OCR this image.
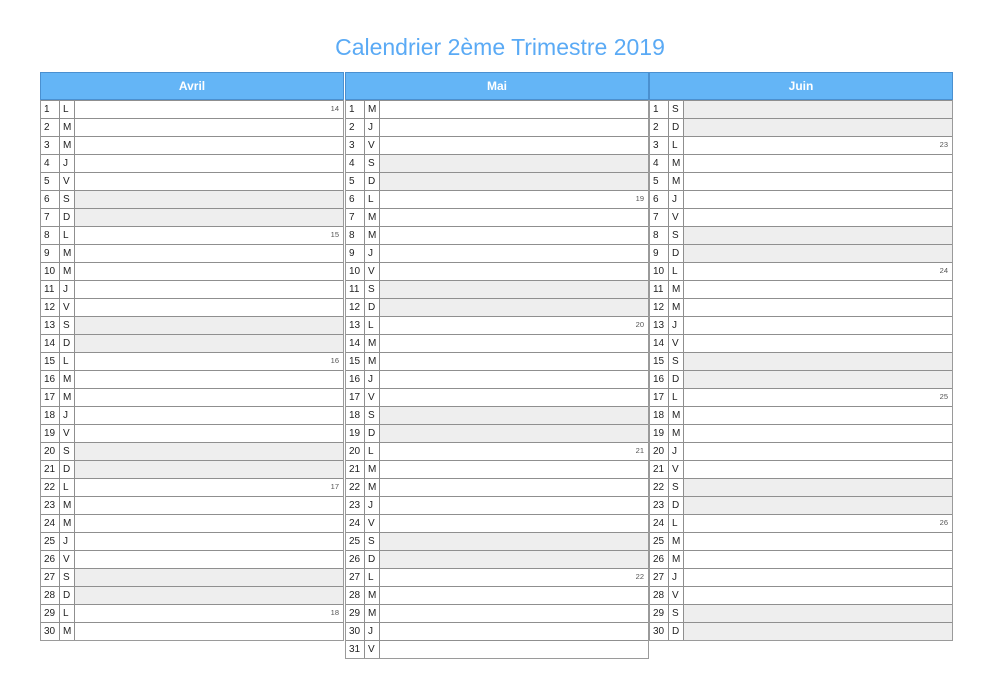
Calendrier 2ème Trimestre 2019
Avril
1	L	14
2	M
3	M
4	J
5	V
6	S
7	D
8	L	15
9	M
10 M
11 J
12 V
13 S
14 D
15 L	16
16 M
17 M
18 J
19 V
20 S
21 D
22 L	17
23 M
24 M
25 J
26 V
27 S
28 D
29 L	18
30 M
Mai
1	M
2	J
3	V
4	S
5	D
6	L	19
7	M
8	M
9	J
10 V
11 S
12 D
13 L	20
14 M
15 M
16 J
17 V
18 S
19 D
20 L	21
21 M
22 M
23 J
24 V
25 S
26 D
27 L	22
28 M
29 M
30 J
31 V
Juin
1	S
2	D
3	L	23
4	M
5	M
6	J
7	V
8	S
9	D
10 L	24
11 M
12 M
13 J
14 V
15 S
16 D
17 L	25
18 M
19 M
20 J
21 V
22 S
23 D
24 L	26
25 M
26 M
27 J
28 V
29 S
30 D
